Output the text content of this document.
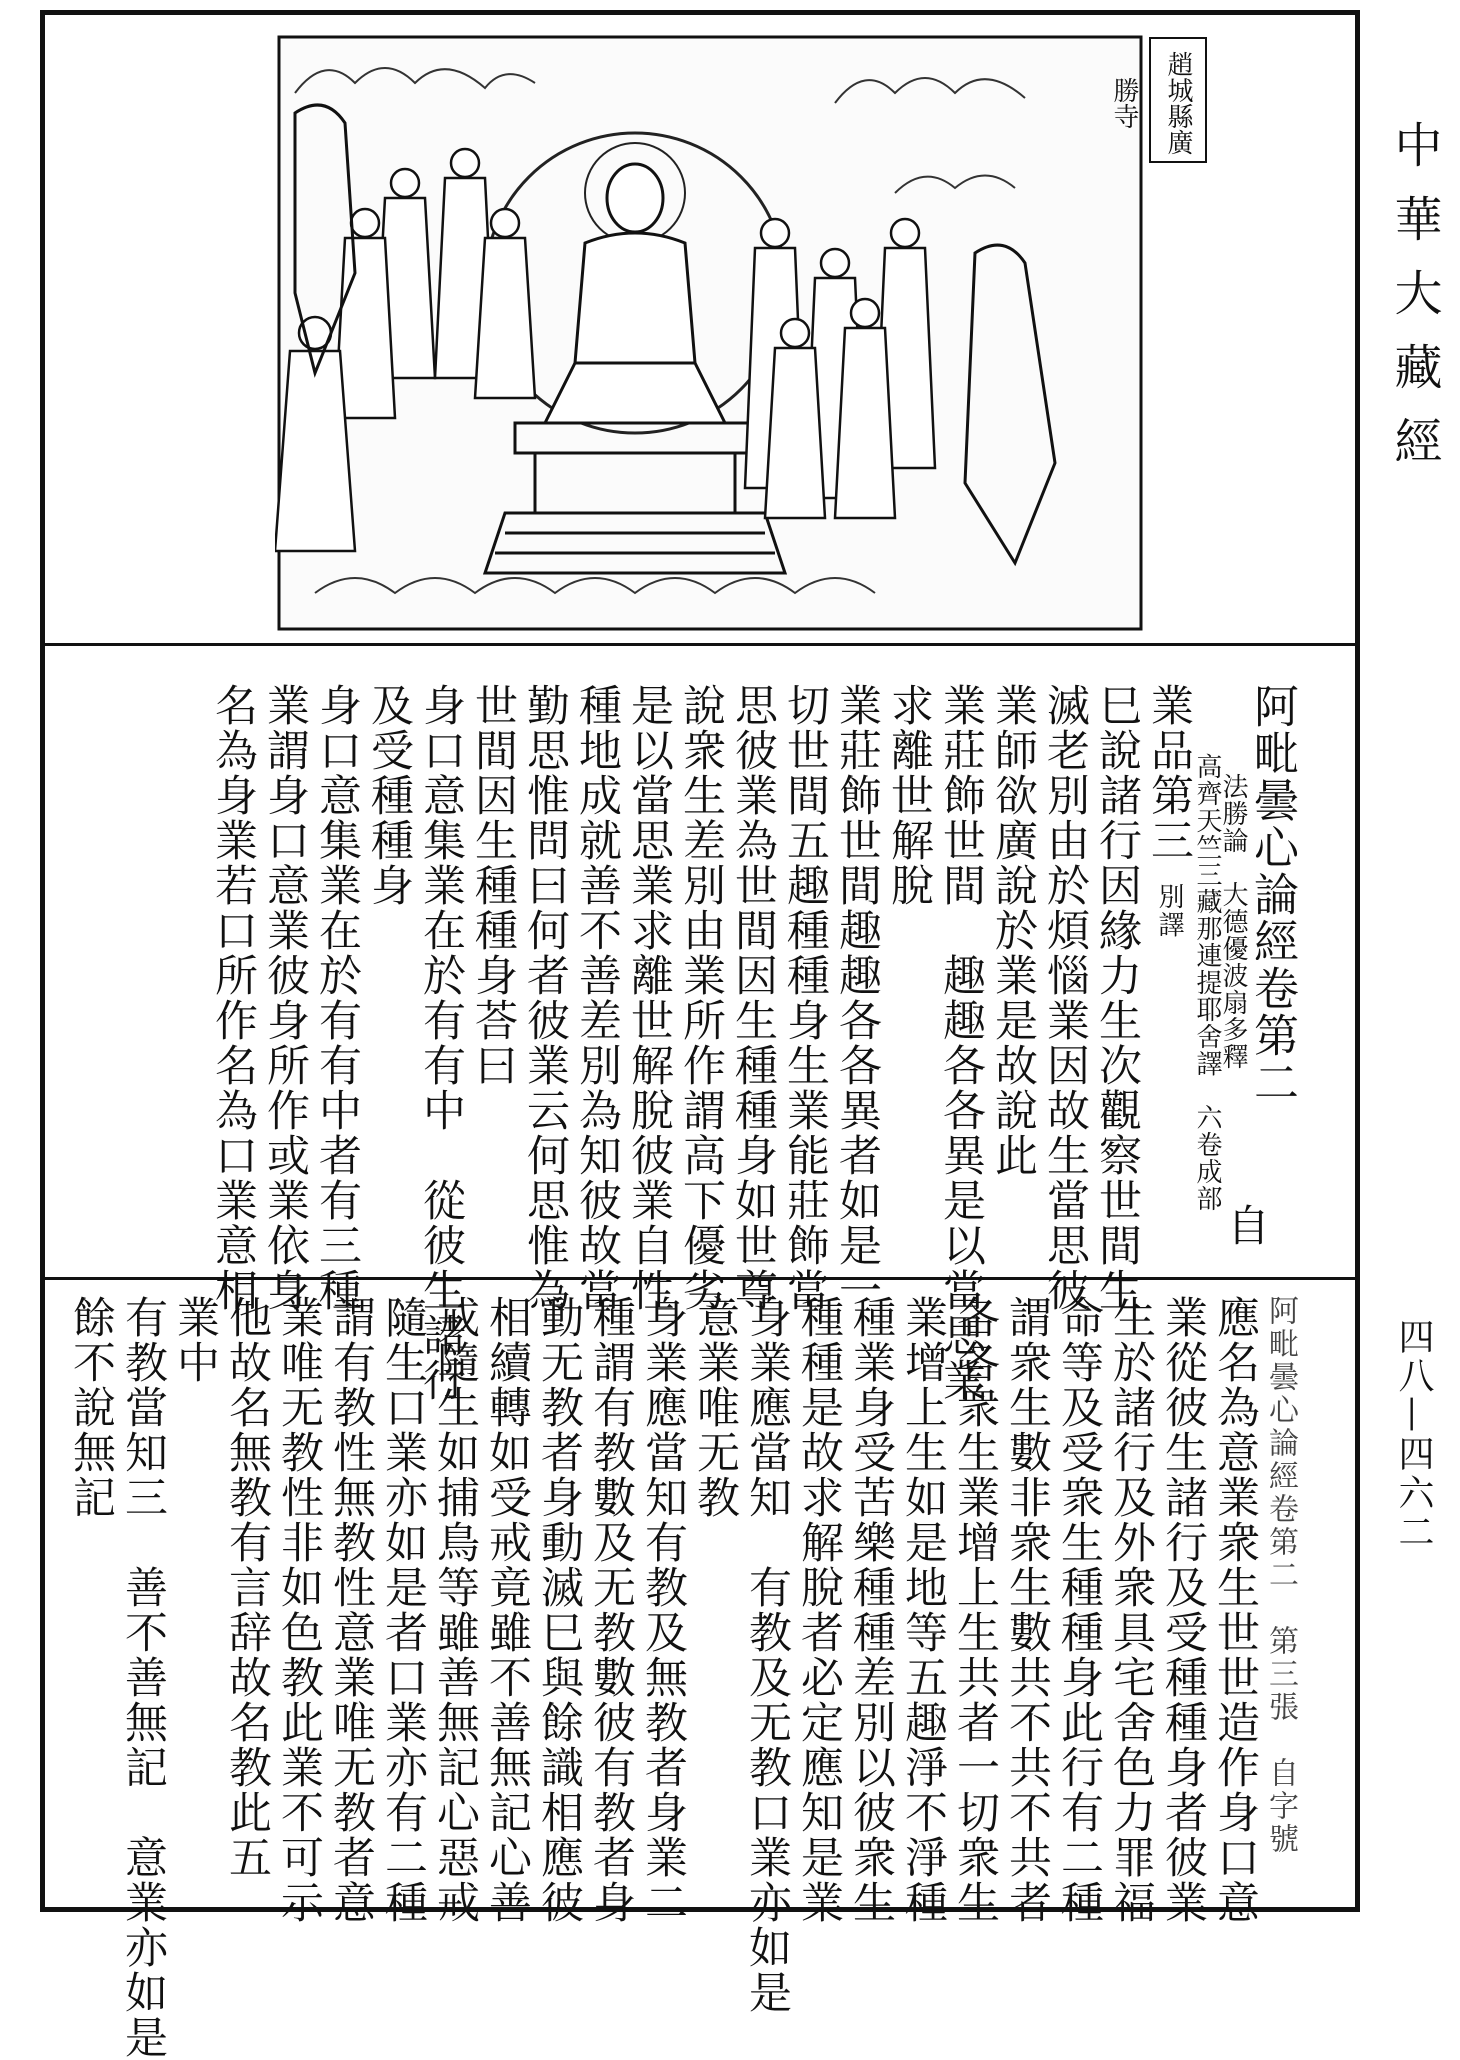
趙城縣廣勝寺
阿毗曇心論經卷第二
法勝論　大德優波扇多釋
高齊天竺三藏那連提耶舍譯　六卷成部
業品第三別譯
巳說諸行因緣力生次觀察世間生
滅老別由於煩惱業因故生當思彼
業師欲廣說於業是故說此
業莊飾世間　趣趣各各異是以當思業
求離世解脫
業莊飾世間趣趣各各異者如是一
切世間五趣種種身生業能莊飾當
思彼業為世間因生種種身如世尊
說衆生差別由業所作謂高下優劣
是以當思業求離世解脫彼業自性
種地成就善不善差別為知彼故當
勤思惟問曰何者彼業云何思惟為
世間因生種種身荅曰
身口意集業在於有有中　從彼生諸行
及受種種身
身口意集業在於有有中者有三種
業謂身口意業彼身所作或業依身
名為身業若口所作名為口業意相	自
阿毗曇心論經卷第二　第三張　自字號
應名為意業衆生世世造作身口意
業從彼生諸行及受種種身者彼業
生於諸行及外衆具宅舍色力罪福
命等及受衆生種種身此行有二種
謂衆生數非衆生數共不共不共者
各各衆生業增上生共者一切衆生
業增上生如是地等五趣淨不淨種
種業身受苦樂種種差別以彼衆生
種種是故求解脫者必定應知是業
身業應當知　有教及无教口業亦如是
意業唯无教
身業應當知有教及無教者身業二
種謂有教數及无教數彼有教者身
動无教者身動滅巳與餘識相應彼
相續轉如受戒竟雖不善無記心善
戒隨生如捕鳥等雖善無記心惡戒
隨生口業亦如是者口業亦有二種
謂有教性無教性意業唯无教者意
業唯无教性非如色教此業不可示
他故名無教有言辞故名教此五
業中
有教當知三　善不善無記　意業亦如是
餘不說無記
中華大藏經
四八—四六二
